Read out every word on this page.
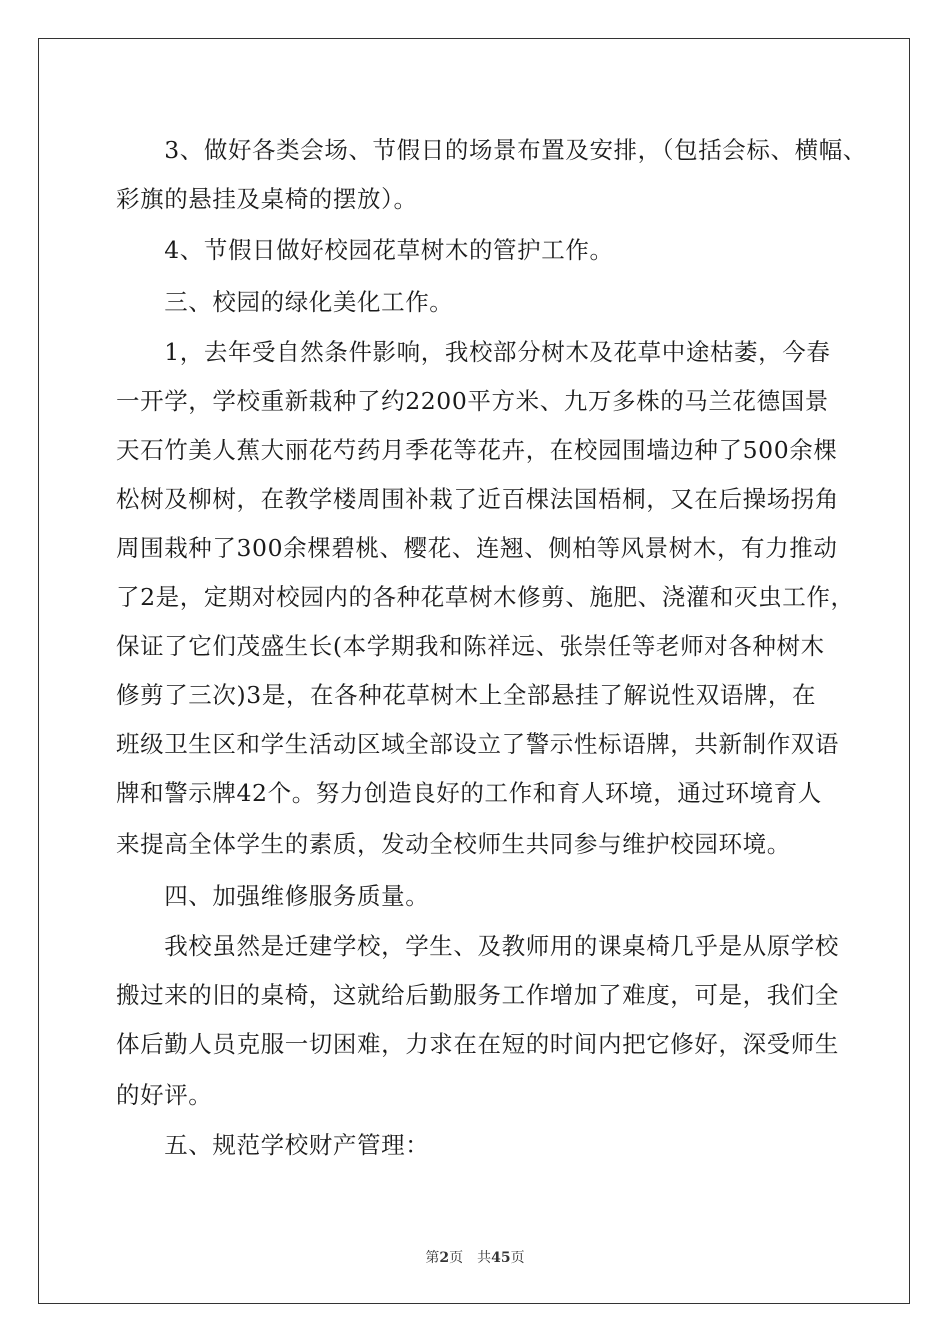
　　3、做好各类会场、节假日的场景布置及安排，（包括会标、横幅、
彩旗的悬挂及桌椅的摆放）。
　　4、节假日做好校园花草树木的管护工作。
　　三、校园的绿化美化工作。
　　1，去年受自然条件影响，我校部分树木及花草中途枯萎，今春
一开学，学校重新栽种了约2200平方米、九万多株的马兰花德国景
天石竹美人蕉大丽花芍药月季花等花卉，在校园围墙边种了500余棵
松树及柳树，在教学楼周围补栽了近百棵法国梧桐，又在后操场拐角
周围栽种了300余棵碧桃、樱花、连翘、侧柏等风景树木，有力推动
了2是，定期对校园内的各种花草树木修剪、施肥、浇灌和灭虫工作，
保证了它们茂盛生长(本学期我和陈祥远、张崇任等老师对各种树木
修剪了三次)3是，在各种花草树木上全部悬挂了解说性双语牌，在
班级卫生区和学生活动区域全部设立了警示性标语牌，共新制作双语
牌和警示牌42个。努力创造良好的工作和育人环境，通过环境育人
来提高全体学生的素质，发动全校师生共同参与维护校园环境。
　　四、加强维修服务质量。
　　我校虽然是迁建学校，学生、及教师用的课桌椅几乎是从原学校
搬过来的旧的桌椅，这就给后勤服务工作增加了难度，可是，我们全
体后勤人员克服一切困难，力求在在短的时间内把它修好，深受师生
的好评。
　　五、规范学校财产管理：
第2页　共45页
